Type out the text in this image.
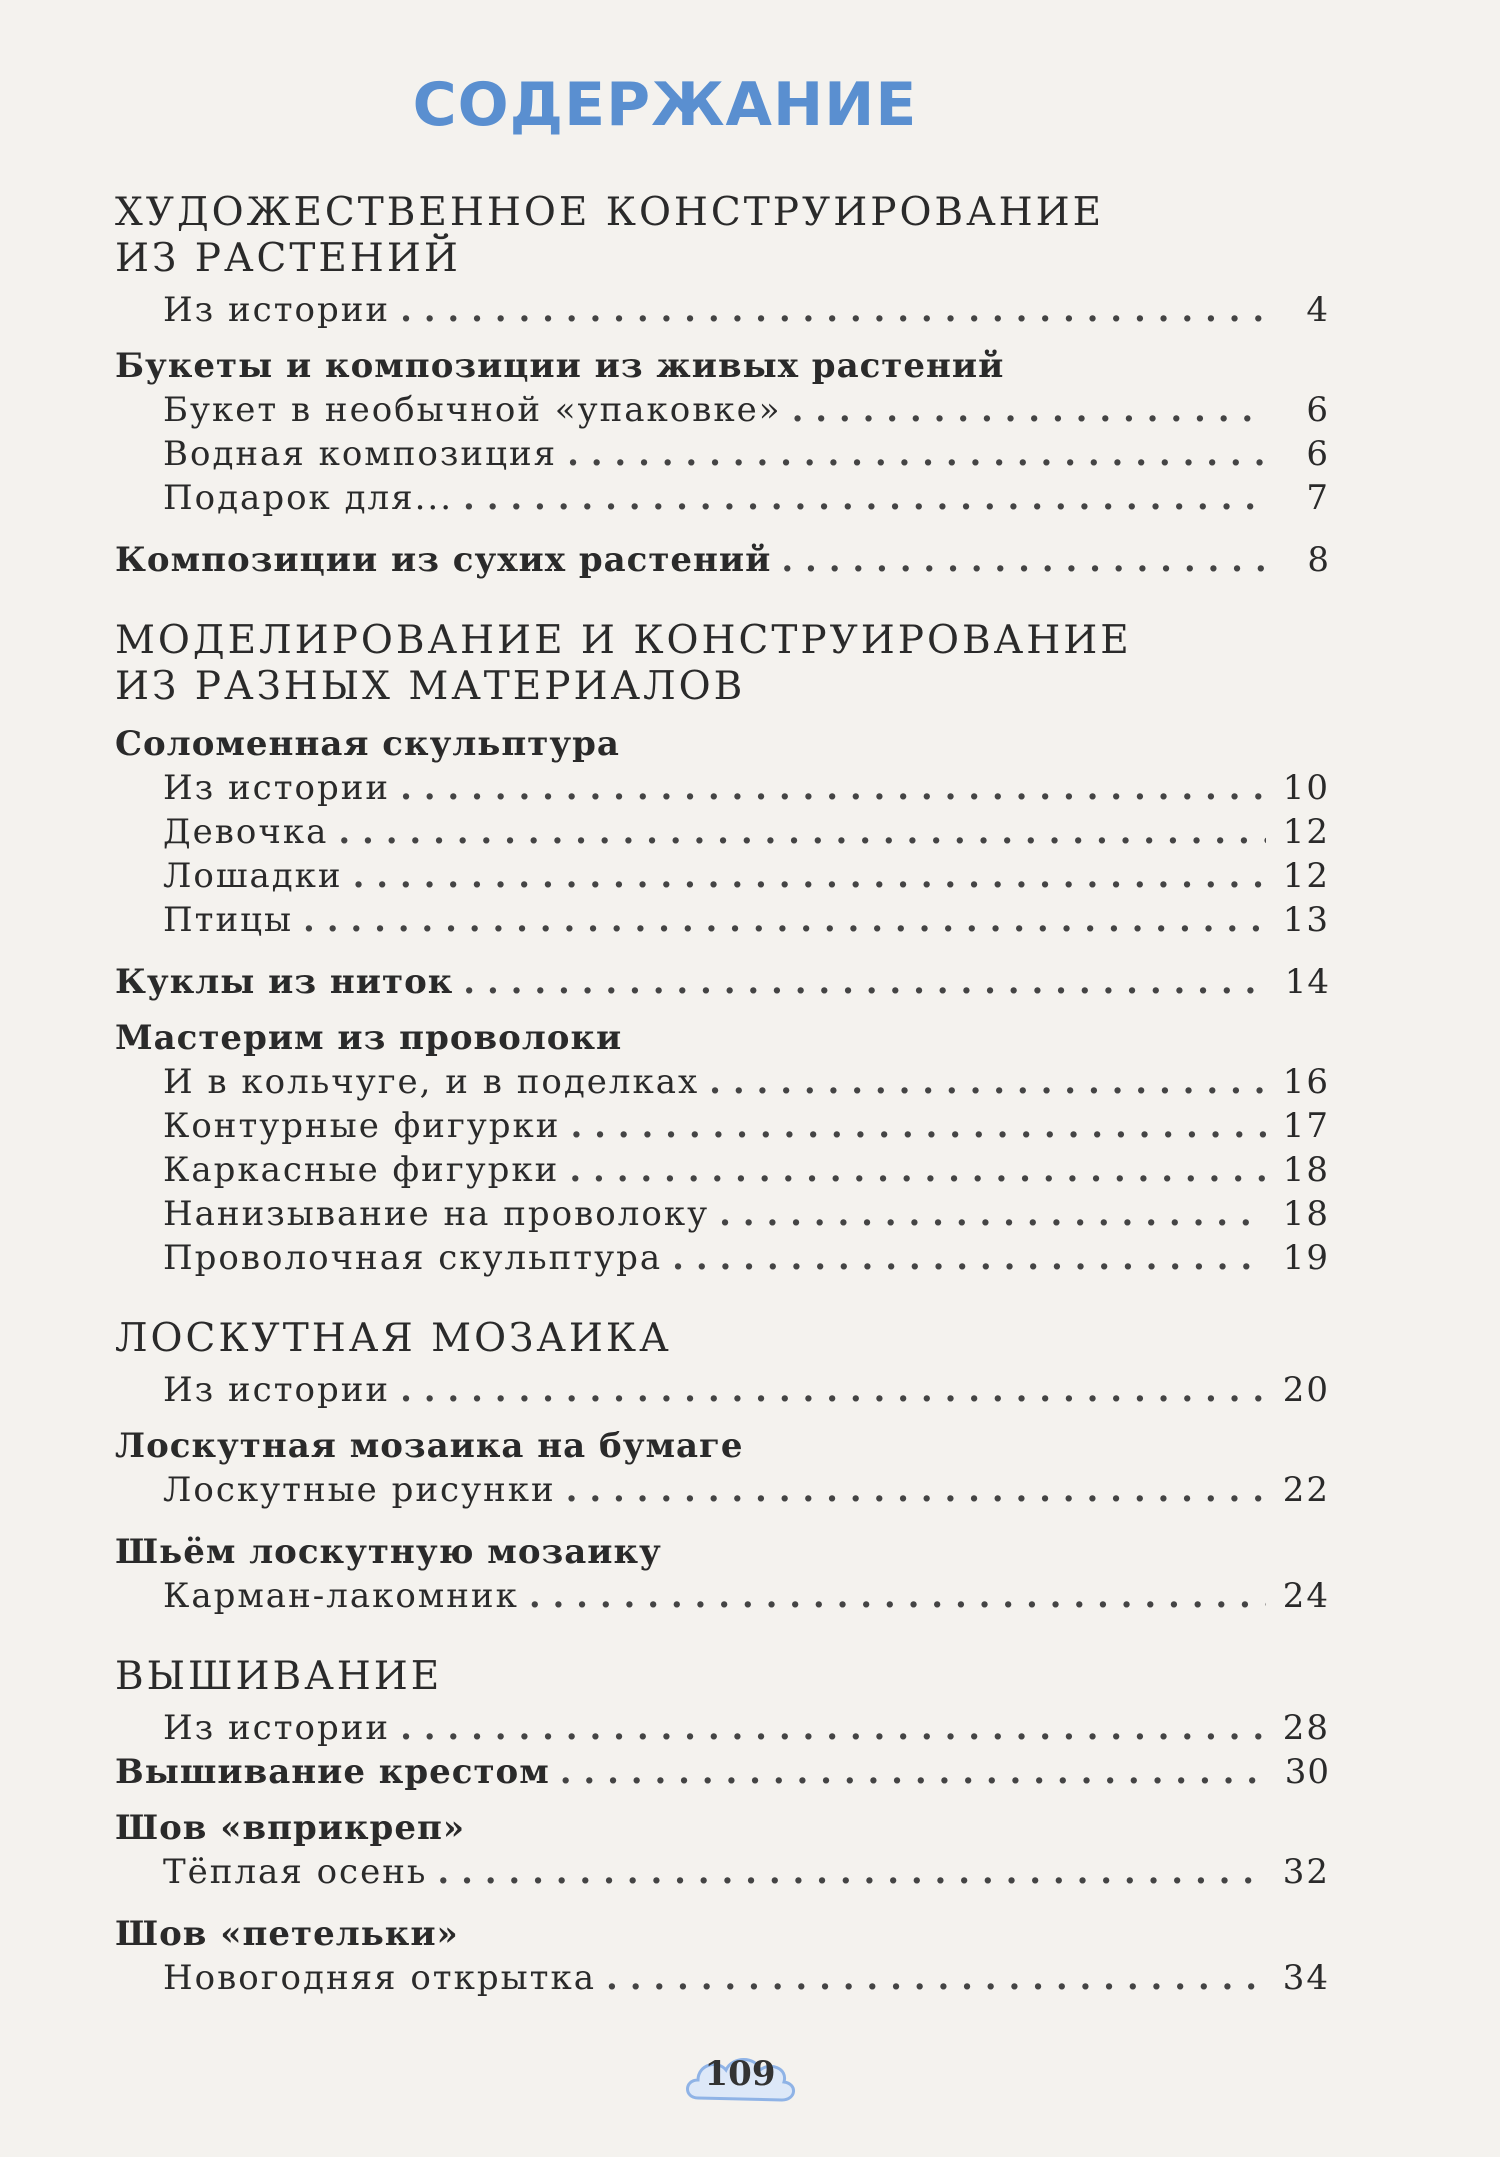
СОДЕРЖАНИЕ
ХУДОЖЕСТВЕННОЕ КОНСТРУИРОВАНИЕ
ИЗ РАСТЕНИЙ
Из истории . . .	4

Букеты и композиции из живых растений

Букет в необычной «упаковке» . . .	6
Водная композиция . . .	6
Подарок для... . . .	7
Композиции из сухих растений . . .	8
МОДЕЛИРОВАНИЕ И КОНСТРУИРОВАНИЕ
ИЗ РАЗНЫХ МАТЕРИАЛОВ

Соломенная скульптура

Из истории . . .	10
Девочка . . .	12
Лошадки . . .	12
Птицы . . .	13
Куклы из ниток . . .	14

Мастерим из проволоки

И в кольчуге, и в поделках . . .	16
Контурные фигурки . . .	17
Каркасные фигурки . . .	18
Нанизывание на проволоку . . .	18
Проволочная скульптура . . .	19
ЛОСКУТНАЯ МОЗАИКА
Из истории . . .	20

Лоскутная мозаика на бумаге

Лоскутные рисунки . . .	22

Шьём лоскутную мозаику

Карман-лакомник . . .	24
ВЫШИВАНИЕ
Из истории . . .	28
Вышивание крестом . . .	30

Шов «вприкреп»

Тёплая осень . . .	32

Шов «петельки»

Новогодняя открытка . . .	34
109
